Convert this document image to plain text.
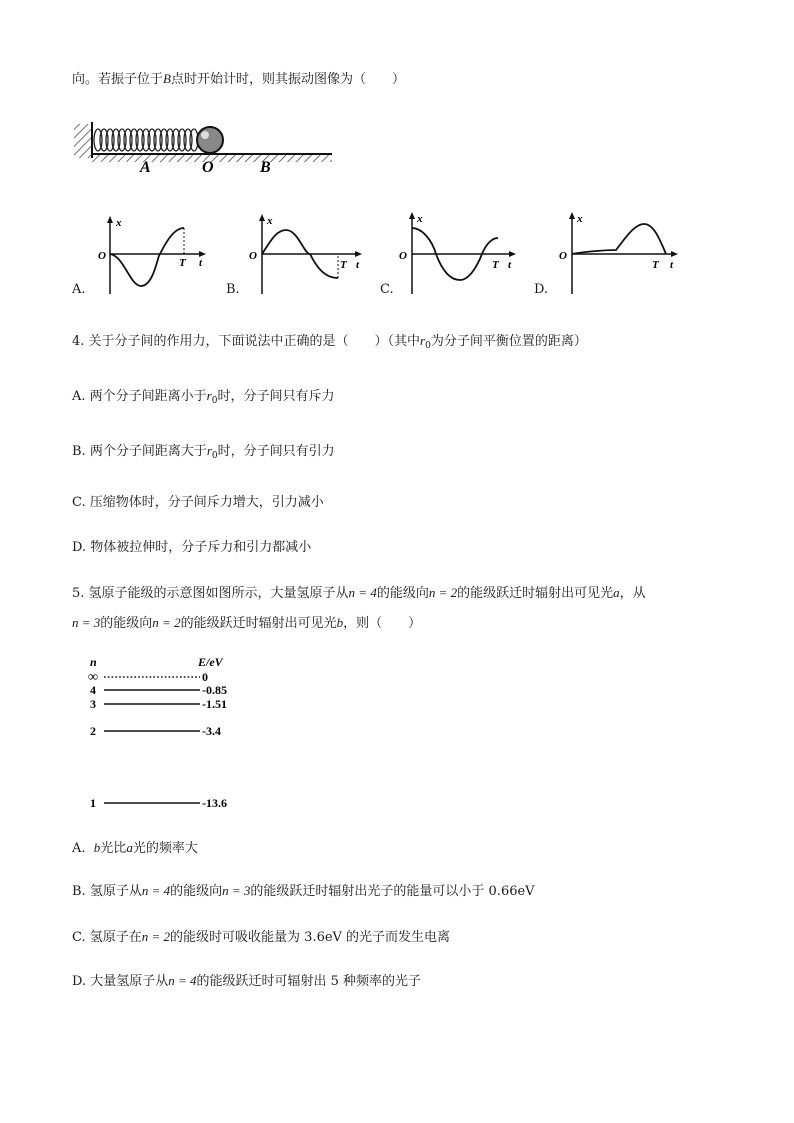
向。若振子位于B点时开始计时，则其振动图像为（　　）
A	O	B
x
O
T t
x
O
T t
x
O
T t
x
O
T t
A.	B.	C.	D.
4. 关于分子间的作用力，下面说法中正确的是（　　）（其中$r_0$为分子间平衡位置的距离）
A. 两个分子间距离小于$r_0$时，分子间只有斥力
B. 两个分子间距离大于$r_0$时，分子间只有引力
C. 压缩物体时，分子间斥力增大，引力减小
D. 物体被拉伸时，分子斥力和引力都减小
5. 氢原子能级的示意图如图所示，大量氢原子从n = 4的能级向n = 2的能级跃迁时辐射出可见光a，从
n = 3的能级向n = 2的能级跃迁时辐射出可见光b，则（　　）
n	E/eV
∞	0
4	-0.85
3	-1.51
2	-3.4
1	-13.6
A. b光比a光的频率大
B. 氢原子从n = 4的能级向n = 3的能级跃迁时辐射出光子的能量可以小于 0.66eV
C. 氢原子在n = 2的能级时可吸收能量为 3.6eV 的光子而发生电离
D. 大量氢原子从n = 4的能级跃迁时可辐射出 5 种频率的光子
